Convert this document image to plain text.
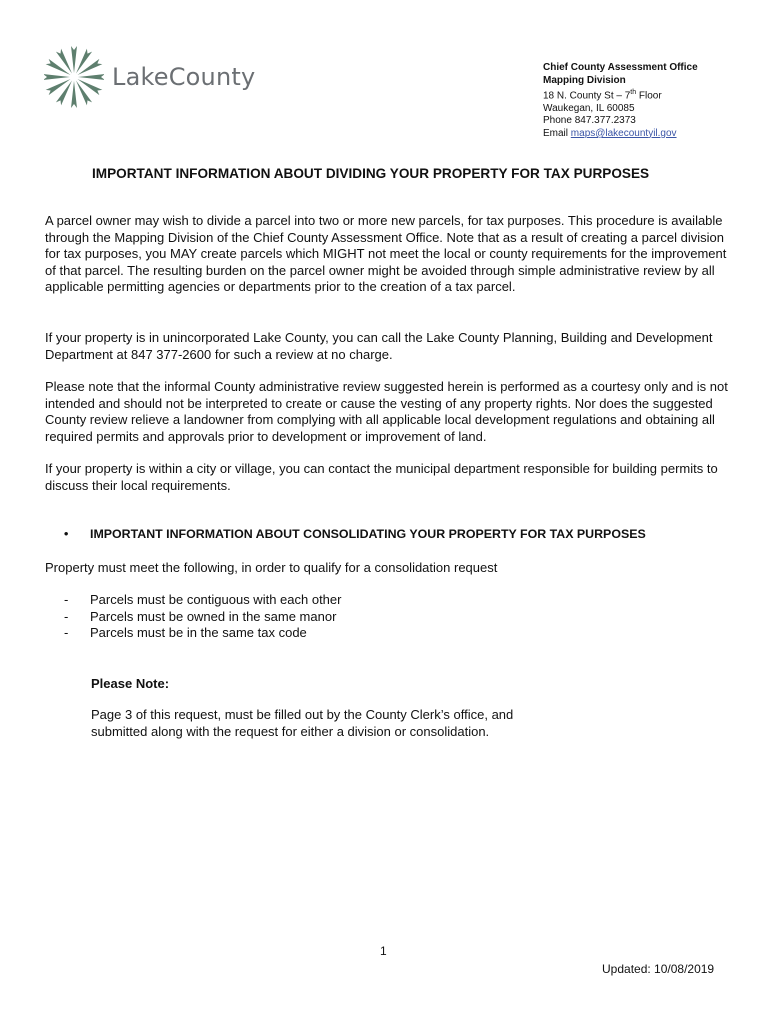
LakeCounty	Chief County Assessment Office
Mapping Division
18 N. County St – 7th Floor
Waukegan, IL 60085
Phone 847.377.2373
Email maps@lakecountyil.gov
IMPORTANT INFORMATION ABOUT DIVIDING YOUR PROPERTY FOR TAX PURPOSES
A parcel owner may wish to divide a parcel into two or more new parcels, for tax purposes. This procedure is available through the Mapping Division of the Chief County Assessment Office. Note that as a result of creating a parcel division for tax purposes, you MAY create parcels which MIGHT not meet the local or county requirements for the improvement of that parcel. The resulting burden on the parcel owner might be avoided through simple administrative review by all applicable permitting agencies or departments prior to the creation of a tax parcel.
If your property is in unincorporated Lake County, you can call the Lake County Planning, Building and Development Department at 847 377-2600 for such a review at no charge.
Please note that the informal County administrative review suggested herein is performed as a courtesy only and is not intended and should not be interpreted to create or cause the vesting of any property rights. Nor does the suggested County review relieve a landowner from complying with all applicable local development regulations and obtaining all required permits and approvals prior to development or improvement of land.
If your property is within a city or village, you can contact the municipal department responsible for building permits to discuss their local requirements.
• IMPORTANT INFORMATION ABOUT CONSOLIDATING YOUR PROPERTY FOR TAX PURPOSES
Property must meet the following, in order to qualify for a consolidation request
-	Parcels must be contiguous with each other
-	Parcels must be owned in the same manor
-	Parcels must be in the same tax code
Please Note:
Page 3 of this request, must be filled out by the County Clerk’s office, and submitted along with the request for either a division or consolidation.
1
Updated: 10/08/2019
